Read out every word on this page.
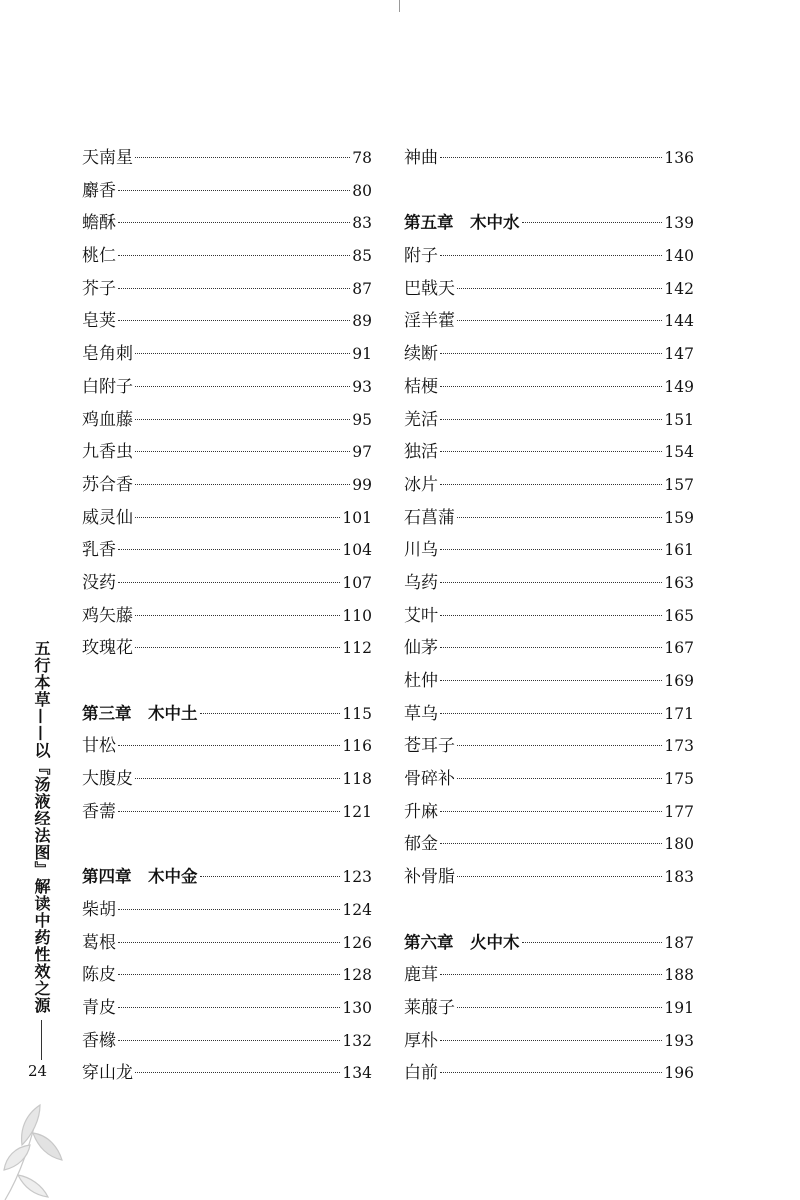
天南星	78
麝香	80
蟾酥	83
桃仁	85
芥子	87
皂荚	89
皂角刺	91
白附子	93
鸡血藤	95
九香虫	97
苏合香	99
威灵仙	101
乳香	104
没药	107
鸡矢藤	110
玫瑰花	112
第三章　木中土	115
甘松	116
大腹皮	118
香薷	121
第四章　木中金	123
柴胡	124
葛根	126
陈皮	128
青皮	130
香橼	132
穿山龙	134
神曲	136
第五章　木中水	139
附子	140
巴戟天	142
淫羊藿	144
续断	147
桔梗	149
羌活	151
独活	154
冰片	157
石菖蒲	159
川乌	161
乌药	163
艾叶	165
仙茅	167
杜仲	169
草乌	171
苍耳子	173
骨碎补	175
升麻	177
郁金	180
补骨脂	183
第六章　火中木	187
鹿茸	188
莱菔子	191
厚朴	193
白前	196
五行本草——以『汤液经法图』解读中药性效之源
24
